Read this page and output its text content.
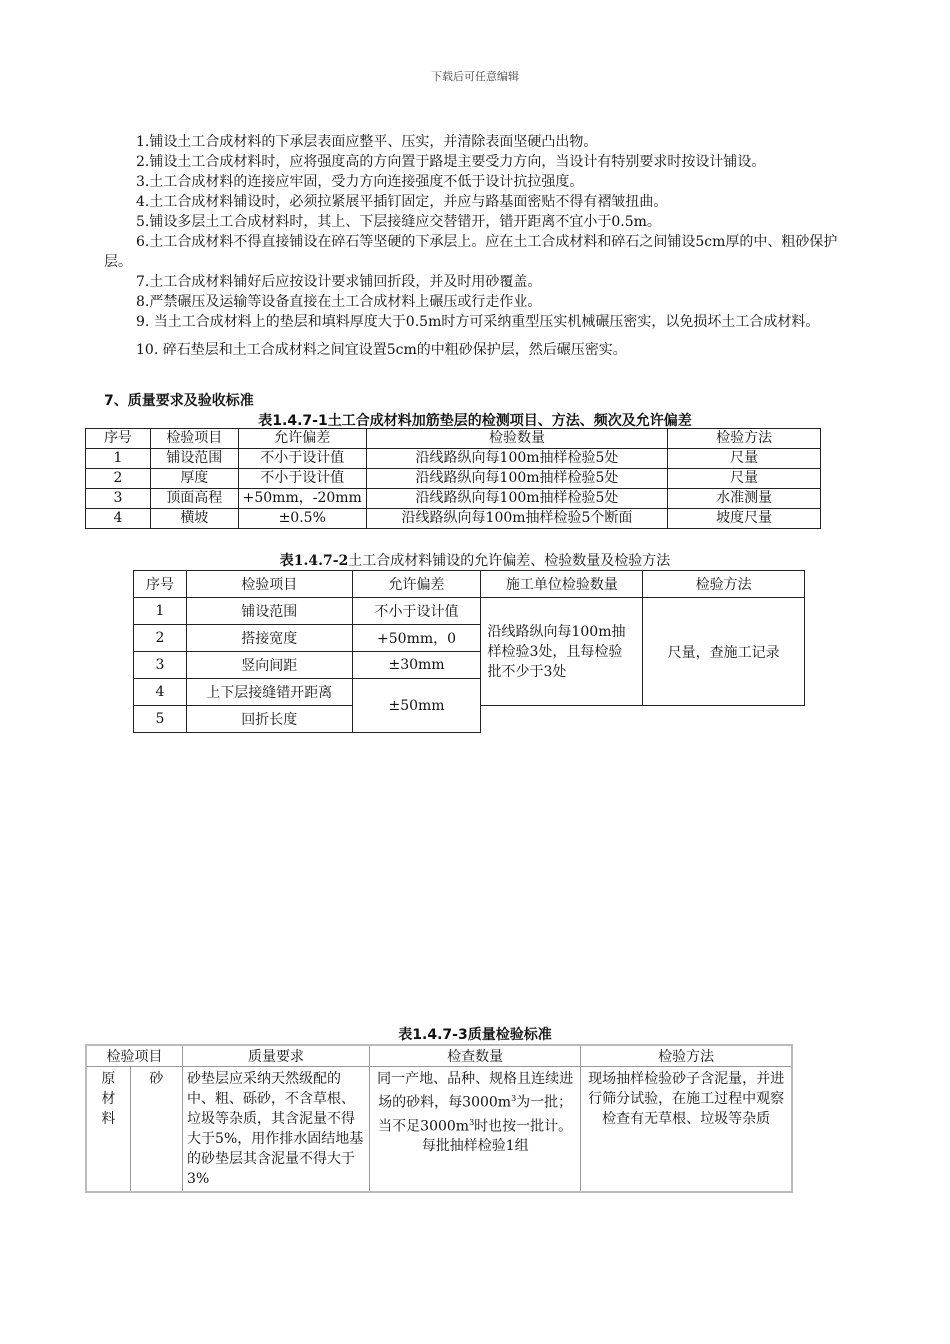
下载后可任意编辑

1.铺设土工合成材料的下承层表面应整平、压实，并清除表面坚硬凸出物。

2.铺设土工合成材料时，应将强度高的方向置于路堤主要受力方向，当设计有特别要求时按设计铺设。

3.土工合成材料的连接应牢固，受力方向连接强度不低于设计抗拉强度。

4.土工合成材料铺设时，必须拉紧展平插钉固定，并应与路基面密贴不得有褶皱扭曲。

5.铺设多层土工合成材料时，其上、下层接缝应交替错开，错开距离不宜小于0.5m。

6.土工合成材料不得直接铺设在碎石等坚硬的下承层上。应在土工合成材料和碎石之间铺设5cm厚的中、粗砂保护层。

7.土工合成材料铺好后应按设计要求铺回折段，并及时用砂覆盖。

8.严禁碾压及运输等设备直接在土工合成材料上碾压或行走作业。

9. 当土工合成材料上的垫层和填料厚度大于0.5m时方可采纳重型压实机械碾压密实，以免损坏土工合成材料。

10. 碎石垫层和土工合成材料之间宜设置5cm的中粗砂保护层，然后碾压密实。

7、质量要求及验收标准
表1.4.7-1土工合成材料加筋垫层的检测项目、方法、频次及允许偏差
序号	检验项目	允许偏差	检验数量	检验方法
1	铺设范围	不小于设计值	沿线路纵向每100m抽样检验5处	尺量
2	厚度	不小于设计值	沿线路纵向每100m抽样检验5处	尺量
3	顶面高程	+50mm，-20mm	沿线路纵向每100m抽样检验5处	水准测量
4	横坡	±0.5%	沿线路纵向每100m抽样检验5个断面	坡度尺量
表1.4.7-2土工合成材料铺设的允许偏差、检验数量及检验方法
序号	检验项目	允许偏差	施工单位检验数量	检验方法
1	铺设范围	不小于设计值	沿线路纵向每100m抽样检验3处，且每检验批不少于3处	尺量，查施工记录
2	搭接宽度	+50mm，0		
3	竖向间距	±30mm		
4	上下层接缝错开距离	±50mm		
5	回折长度			
表1.4.7-3质量检验标准
检验项目		质量要求	检查数量	检验方法

原材料	砂	砂垫层应采纳天然级配的中、粗、砾砂，不含草根、垃圾等杂质，其含泥量不得大于5%，用作排水固结地基的砂垫层其含泥量不得大于3%	同一产地、品种、规格且连续进场的砂料，每$3000m^3$为一批；当不足$3000m^3$时也按一批计。每批抽样检验1组	现场抽样检验砂子含泥量，并进行筛分试验，在施工过程中观察检查有无草根、垃圾等杂质
